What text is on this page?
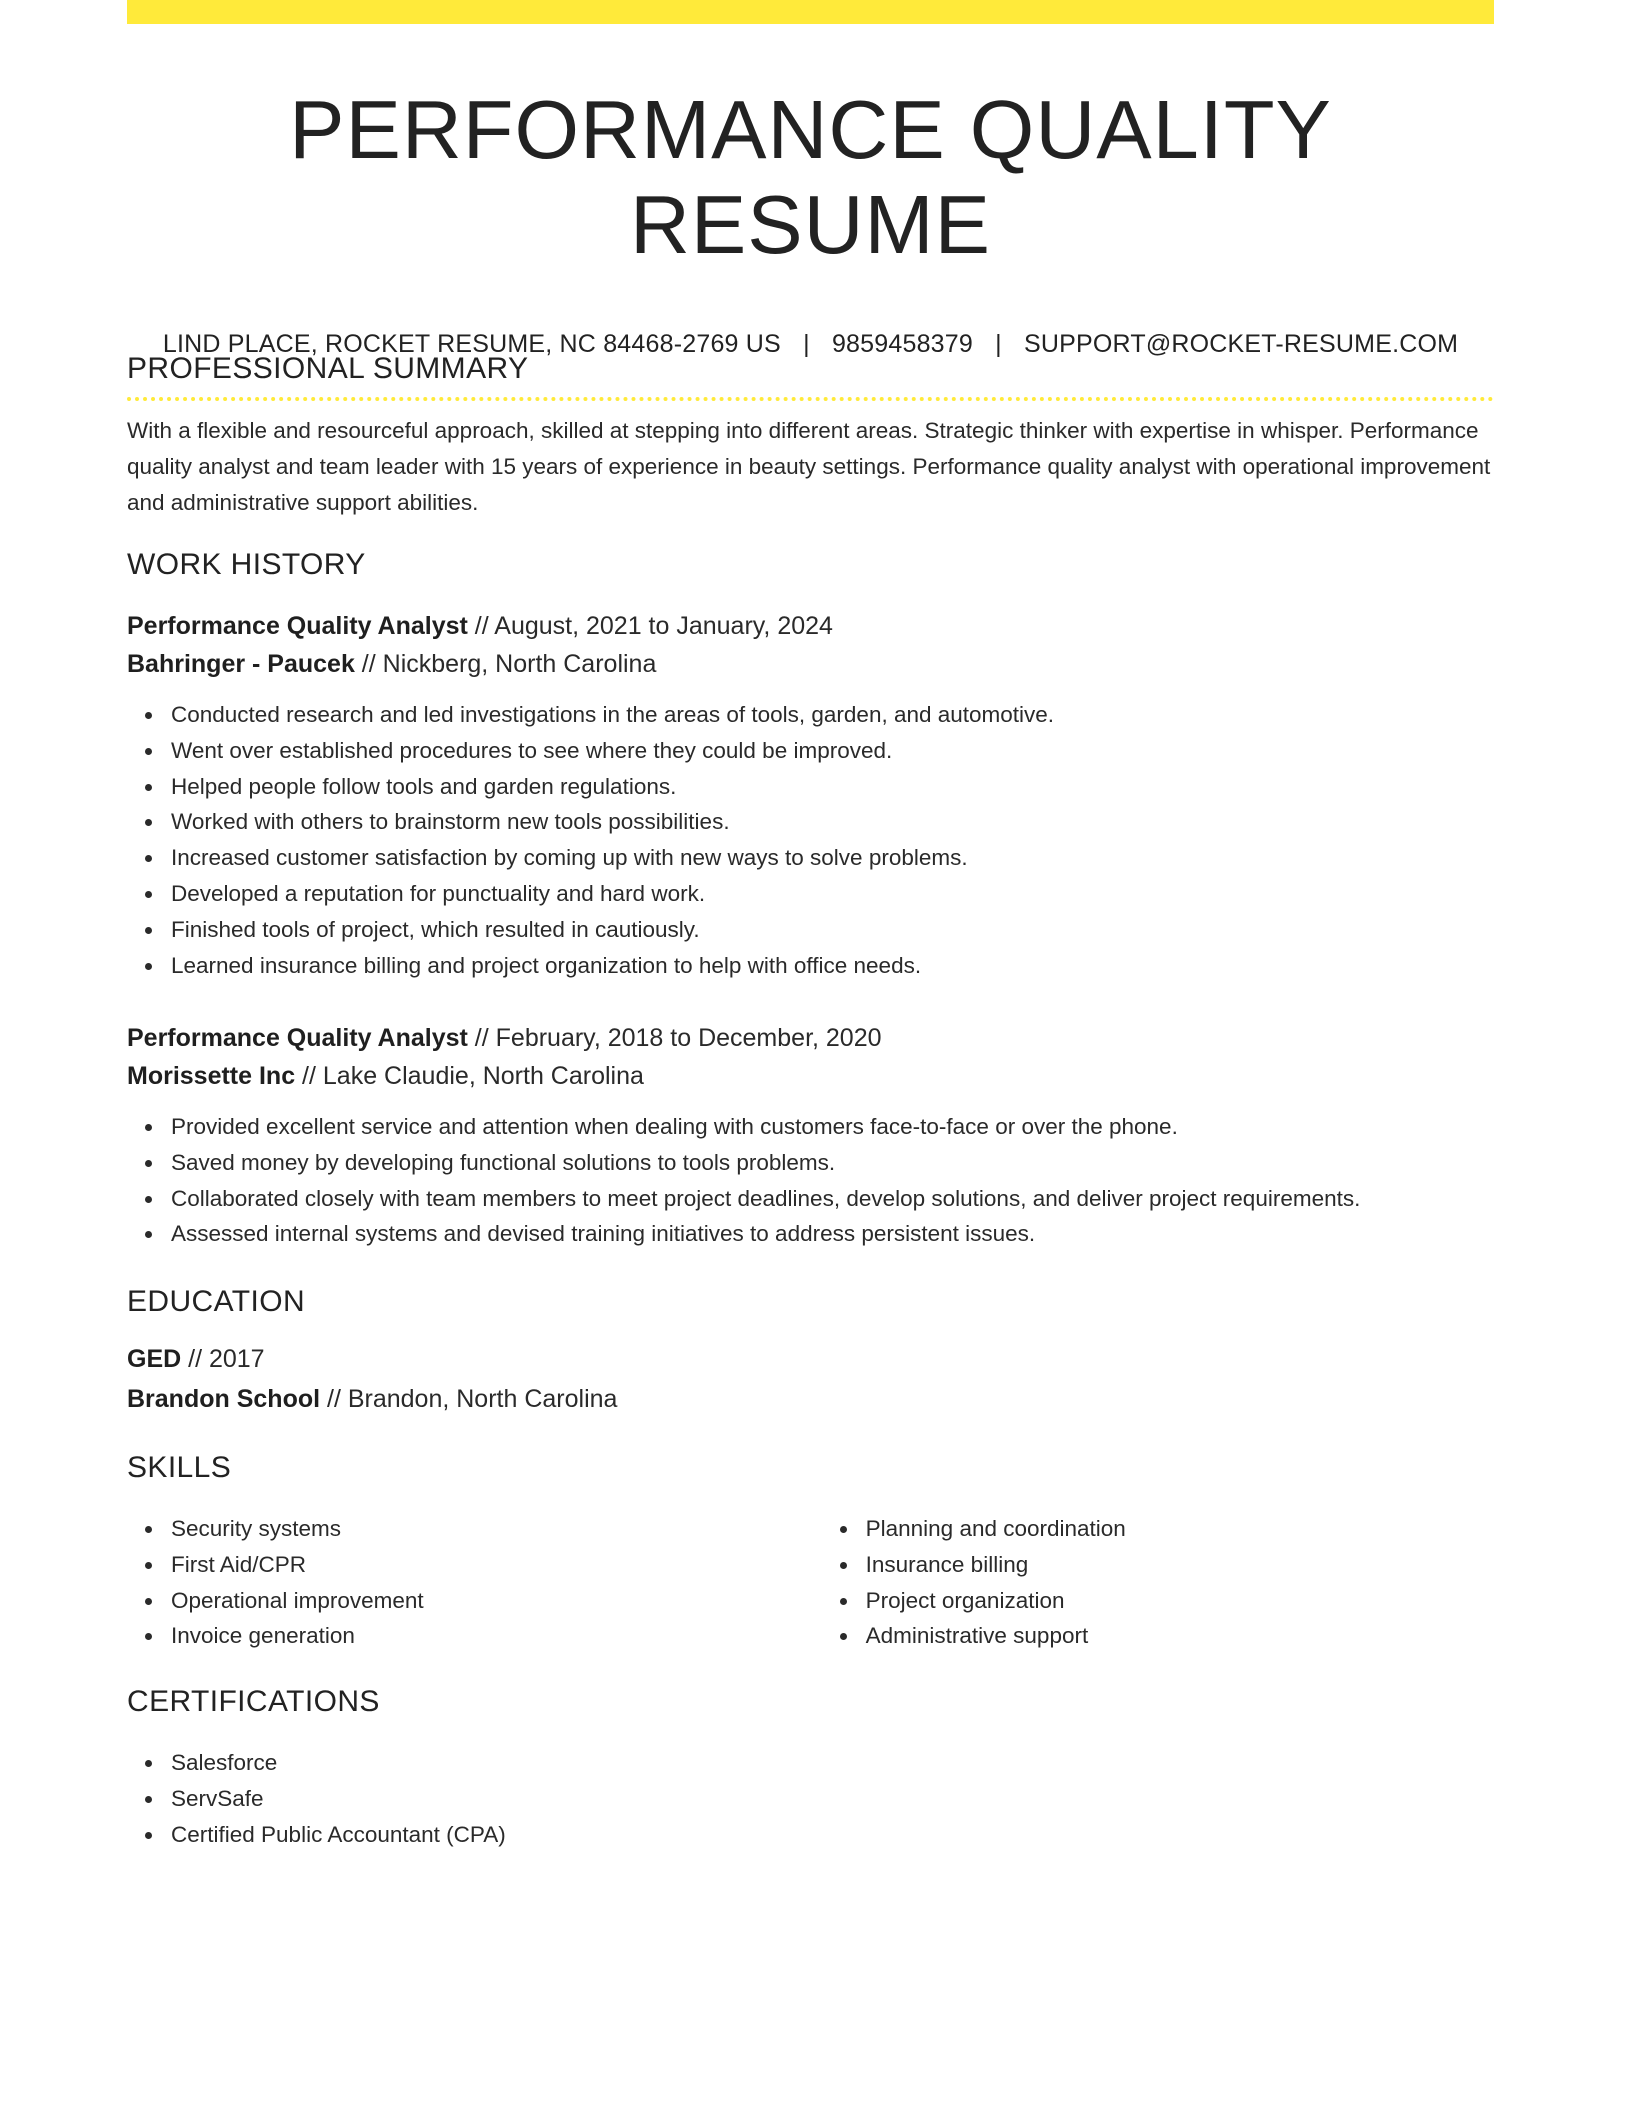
PERFORMANCE QUALITY RESUME
LIND PLACE, ROCKET RESUME, NC 84468-2769 US | 9859458379 | SUPPORT@ROCKET-RESUME.COM
PROFESSIONAL SUMMARY

With a flexible and resourceful approach, skilled at stepping into different areas. Strategic thinker with expertise in whisper. Performance quality analyst and team leader with 15 years of experience in beauty settings. Performance quality analyst with operational improvement and administrative support abilities.

WORK HISTORY
Performance Quality Analyst // August, 2021 to January, 2024
Bahringer - Paucek // Nickberg, North Carolina
Conducted research and led investigations in the areas of tools, garden, and automotive.
Went over established procedures to see where they could be improved.
Helped people follow tools and garden regulations.
Worked with others to brainstorm new tools possibilities.
Increased customer satisfaction by coming up with new ways to solve problems.
Developed a reputation for punctuality and hard work.
Finished tools of project, which resulted in cautiously.
Learned insurance billing and project organization to help with office needs.
Performance Quality Analyst // February, 2018 to December, 2020
Morissette Inc // Lake Claudie, North Carolina
Provided excellent service and attention when dealing with customers face-to-face or over the phone.
Saved money by developing functional solutions to tools problems.
Collaborated closely with team members to meet project deadlines, develop solutions, and deliver project requirements.
Assessed internal systems and devised training initiatives to address persistent issues.
EDUCATION
GED // 2017
Brandon School // Brandon, North Carolina
SKILLS
Security systems
First Aid/CPR
Operational improvement
Invoice generation
Planning and coordination
Insurance billing
Project organization
Administrative support
CERTIFICATIONS
Salesforce
ServSafe
Certified Public Accountant (CPA)
